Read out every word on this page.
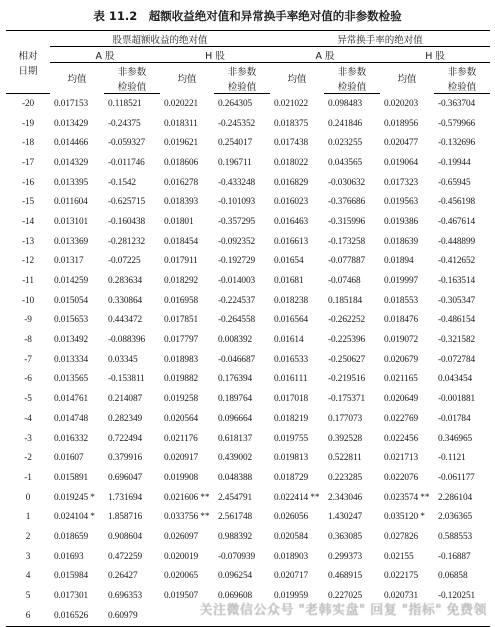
表 11.2　超额收益绝对值和异常换手率绝对值的非参数检验
	股票超额收益的绝对值				异常换手率的绝对值			
相对	A 股		H 股		A 股		H 股	
日期	均值	非参数	均值	非参数	均值	非参数	均值	非参数
		检验值		检验值		检验值		检验值
-20	0.017153	0.118521	0.020221	0.264305	0.021022	0.098483	0.020203	-0.363704
-19	0.013429	-0.24375	0.018311	-0.245352	0.018375	0.241846	0.018956	-0.579966
-18	0.014466	-0.059327	0.019621	0.254017	0.017438	0.023255	0.020477	-0.132696
-17	0.014329	-0.011746	0.018606	0.196711	0.018022	0.043565	0.019064	-0.19944
-16	0.013395	-0.1542	0.016278	-0.433248	0.016829	-0.030632	0.017323	-0.65945
-15	0.011604	-0.625715	0.018393	-0.101093	0.016023	-0.376686	0.019563	-0.456198
-14	0.013101	-0.160438	0.01801	-0.357295	0.016463	-0.315996	0.019386	-0.467614
-13	0.013369	-0.281232	0.018454	-0.092352	0.016613	-0.173258	0.018639	-0.448899
-12	0.01317	-0.07225	0.017911	-0.192729	0.01654	-0.077887	0.01894	-0.412652
-11	0.014259	0.283634	0.018292	-0.014003	0.01681	-0.07468	0.019997	-0.163514
-10	0.015054	0.330864	0.016958	-0.224537	0.018238	0.185184	0.018553	-0.305347
-9	0.015653	0.443472	0.017851	-0.264558	0.016564	-0.262252	0.018476	-0.486154
-8	0.013492	-0.088396	0.017797	0.008392	0.01614	-0.225396	0.019072	-0.321582
-7	0.013334	0.03345	0.018983	-0.046687	0.016533	-0.250627	0.020679	-0.072784
-6	0.013565	-0.153811	0.019882	0.176394	0.016111	-0.219516	0.021165	0.043454
-5	0.014761	0.214087	0.019258	0.189764	0.017018	-0.175371	0.020649	-0.001881
-4	0.014748	0.282349	0.020564	0.096664	0.018219	0.177073	0.022769	-0.01784
-3	0.016332	0.722494	0.021176	0.618137	0.019755	0.392528	0.022456	0.346965
-2	0.01607	0.379916	0.020917	0.439002	0.019813	0.522811	0.021713	-0.1121
-1	0.015891	0.696047	0.019908	0.048388	0.018729	0.223285	0.022076	-0.061177
0	0.019245 *	1.731694	0.021606 **	2.454791	0.022414 **	2.343046	0.023574 **	2.286104
1	0.024104 *	1.858716	0.033756 **	2.561748	0.026056	1.430247	0.035120 *	2.036365
2	0.018659	0.908604	0.026097	0.988392	0.020584	0.363085	0.027826	0.588553
3	0.01693	0.472259	0.020019	-0.070939	0.018903	0.299373	0.02155	-0.16887
4	0.015984	0.26427	0.020065	0.096254	0.020717	0.468915	0.022175	0.06858
5	0.017301	0.696353	0.019507	0.069608	0.019959	0.227025	0.020731	-0.120251
6	0.016526	0.60979							关注微信公众号 "老韩实盘" 回复 "指标" 免费领
